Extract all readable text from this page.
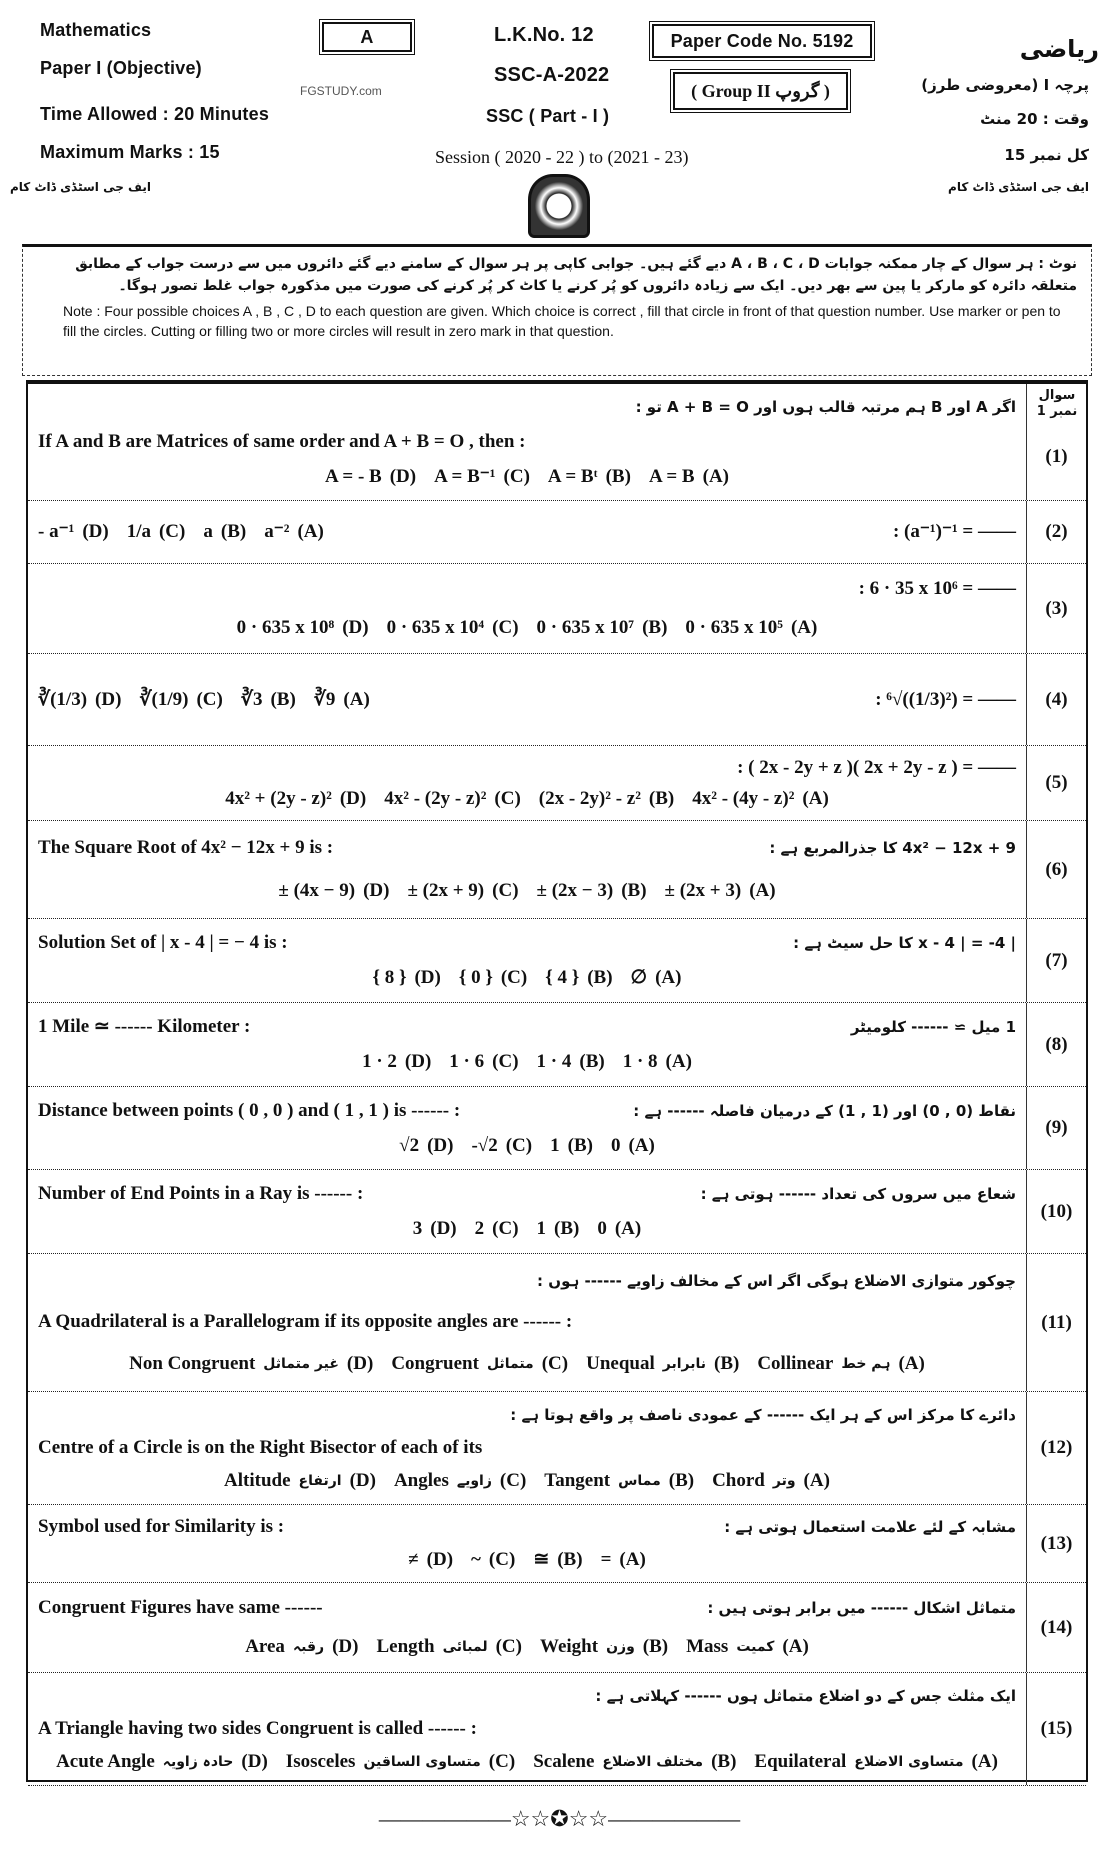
Mathematics
Paper I (Objective)
FGSTUDY.com
Time Allowed : 20 Minutes
Maximum Marks : 15
ایف جی اسٹڈی ڈاٹ کام
A	L.K.No. 12
SSC-A-2022
SSC ( Part - I )
Session ( 2020 - 22 ) to (2021 - 23)
Paper Code No. 5192
( Group II گروپ )
ریاضی
پرچہ I (معروضی طرز)
وقت : 20 منٹ
کل نمبر 15
ایف جی اسٹڈی ڈاٹ کام
نوٹ : ہر سوال کے چار ممکنہ جوابات A ، B ، C ، D دیے گئے ہیں۔ جوابی کاپی پر ہر سوال کے سامنے دیے گئے دائروں میں سے درست جواب کے مطابق متعلقہ دائرہ کو مارکر یا پین سے بھر دیں۔ ایک سے زیادہ دائروں کو پُر کرنے یا کاٹ کر پُر کرنے کی صورت میں مذکورہ جواب غلط تصور ہوگا۔
Note : Four possible choices A , B , C , D to each question are given. Which choice is correct , fill that circle in front of that question number. Use marker or pen to fill the circles. Cutting or filling two or more circles will result in zero mark in that question.
(1)
اگر A اور B ہم مرتبہ قالب ہوں اور A + B = O تو :
If A and B are Matrices of same order and A + B = O , then :
A = B (A)
A = Bᵗ (B)
A = B⁻¹ (C)
A = - B (D)
(2)
a⁻² (A)
a (B)
1/a (C)
- a⁻¹ (D)	: (a⁻¹)⁻¹ = ——
(3)
: 6 · 35 x 10⁶ = ——
0 · 635 x 10⁵ (A)
0 · 635 x 10⁷ (B)
0 · 635 x 10⁴ (C)
0 · 635 x 10⁸ (D)
(4)
∛9 (A)
∛3 (B)
∛(1/9) (C)
∛(1/3) (D)	: ⁶√((1/3)²) = ——
(5)
: ( 2x - 2y + z )( 2x + 2y - z ) = ——
4x² - (4y - z)² (A)
(2x - 2y)² - z² (B)
4x² - (2y - z)² (C)
4x² + (2y - z)² (D)
(6)
The Square Root of 4x² − 12x + 9 is :	4x² − 12x + 9 کا جذرالمربع ہے :
± (2x + 3) (A)
± (2x − 3) (B)
± (2x + 9) (C)
± (4x − 9) (D)
(7)
Solution Set of | x - 4 | = − 4 is :	| x - 4 | = -4 کا حل سیٹ ہے :
∅ (A)
{ 4 } (B)
{ 0 } (C)
{ 8 } (D)
(8)
1 Mile ≃ ------ Kilometer :	1 میل ≃ ------ کلومیٹر
1 · 8 (A)
1 · 4 (B)
1 · 6 (C)
1 · 2 (D)
(9)
Distance between points ( 0 , 0 ) and ( 1 , 1 ) is ------ :	نقاط (0 , 0) اور (1 , 1) کے درمیان فاصلہ ------ ہے :
0 (A)
1 (B)
-√2 (C)
√2 (D)
(10)
Number of End Points in a Ray is ------ :	شعاع میں سروں کی تعداد ------ ہوتی ہے :
0 (A)
1 (B)
2 (C)
3 (D)
(11)
چوکور متوازی الاضلاع ہوگی اگر اس کے مخالف زاویے ------ ہوں :
A Quadrilateral is a Parallelogram if its opposite angles are ------ :
Collinear ہم خط (A)
Unequal نابرابر (B)
Congruent متماثل (C)
Non Congruent غیر متماثل (D)
(12)
دائرے کا مرکز اس کے ہر ایک ------ کے عمودی ناصف پر واقع ہوتا ہے :
Centre of a Circle is on the Right Bisector of each of its
Chord وتر (A)
Tangent مماس (B)
Angles زاویے (C)
Altitude ارتفاع (D)
(13)
Symbol used for Similarity is :	مشابہ کے لئے علامت استعمال ہوتی ہے :
= (A)
≅ (B)
~ (C)
≠ (D)
(14)
Congruent Figures have same ------	متماثل اشکال ------ میں برابر ہوتی ہیں :
Mass کمیت (A)
Weight وزن (B)
Length لمبائی (C)
Area رقبہ (D)
(15)
ایک مثلث جس کے دو اضلاع متماثل ہوں ------ کہلاتی ہے :
A Triangle having two sides Congruent is called ------ :
Equilateral متساوی الاضلاع (A)
Scalene مختلف الاضلاع (B)
Isosceles متساوی الساقین (C)
Acute Angle حادہ زاویہ (D)
سوال نمبر 1
——————☆☆✪☆☆——————
